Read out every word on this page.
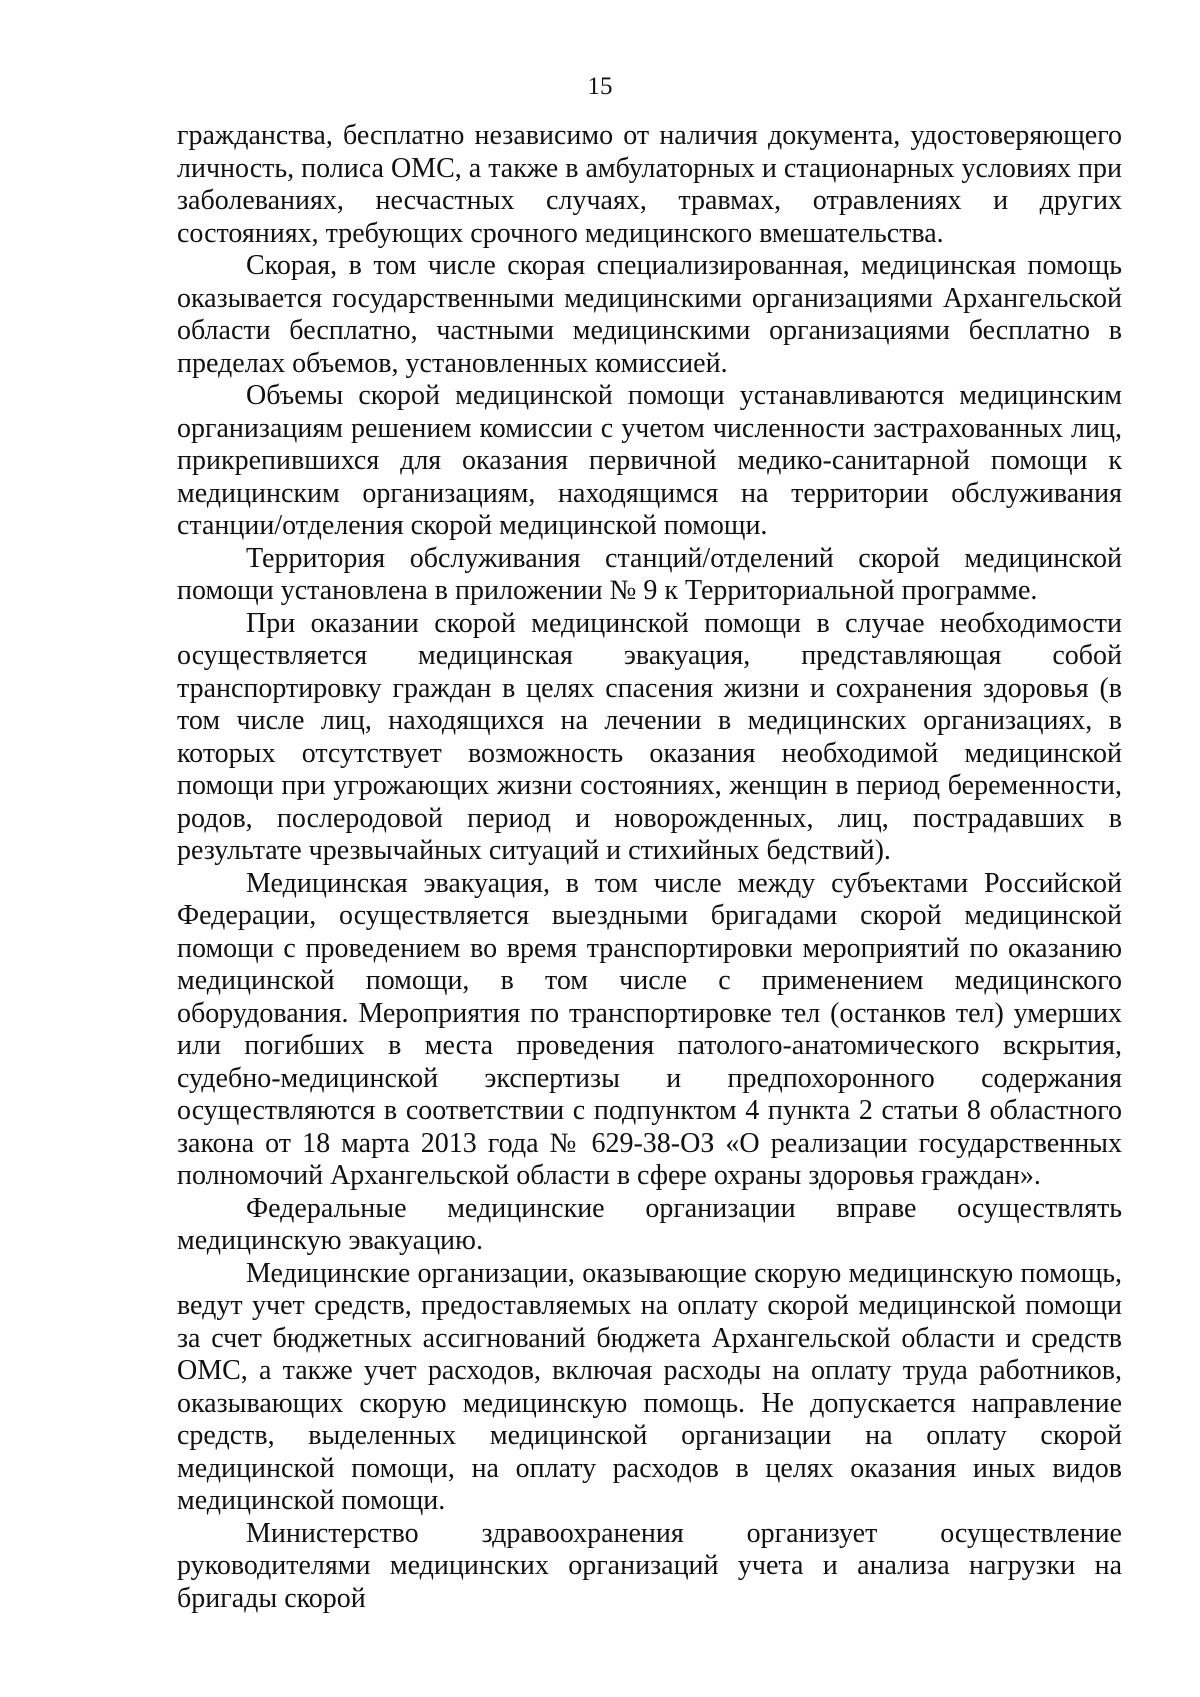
15

гражданства, бесплатно независимо от наличия документа, удостоверяющего личность, полиса ОМС, а также в амбулаторных и стационарных условиях при заболеваниях, несчастных случаях, травмах, отравлениях и других состояниях, требующих срочного медицинского вмешательства.

Скорая, в том числе скорая специализированная, медицинская помощь оказывается государственными медицинскими организациями Архангельской области бесплатно, частными медицинскими организациями бесплатно в пределах объемов, установленных комиссией.

Объемы скорой медицинской помощи устанавливаются медицинским организациям решением комиссии с учетом численности застрахованных лиц, прикрепившихся для оказания первичной медико-санитарной помощи к медицинским организациям, находящимся на территории обслуживания станции/отделения скорой медицинской помощи.

Территория обслуживания станций/отделений скорой медицинской помощи установлена в приложении № 9 к Территориальной программе.

При оказании скорой медицинской помощи в случае необходимости осуществляется медицинская эвакуация, представляющая собой транспортировку граждан в целях спасения жизни и сохранения здоровья (в том числе лиц, находящихся на лечении в медицинских организациях, в которых отсутствует возможность оказания необходимой медицинской помощи при угрожающих жизни состояниях, женщин в период беременности, родов, послеродовой период и новорожденных, лиц, пострадавших в результате чрезвычайных ситуаций и стихийных бедствий).

Медицинская эвакуация, в том числе между субъектами Российской Федерации, осуществляется выездными бригадами скорой медицинской помощи с проведением во время транспортировки мероприятий по оказанию медицинской помощи, в том числе с применением медицинского оборудования. Мероприятия по транспортировке тел (останков тел) умерших или погибших в места проведения патолого-анатомического вскрытия, судебно-медицинской экспертизы и предпохоронного содержания осуществляются в соответствии с подпунктом 4 пункта 2 статьи 8 областного закона от 18 марта 2013 года № 629-38-ОЗ «О реализации государственных полномочий Архангельской области в сфере охраны здоровья граждан».

Федеральные медицинские организации вправе осуществлять медицинскую эвакуацию.

Медицинские организации, оказывающие скорую медицинскую помощь, ведут учет средств, предоставляемых на оплату скорой медицинской помощи за счет бюджетных ассигнований бюджета Архангельской области и средств ОМС, а также учет расходов, включая расходы на оплату труда работников, оказывающих скорую медицинскую помощь. Не допускается направление средств, выделенных медицинской организации на оплату скорой медицинской помощи, на оплату расходов в целях оказания иных видов медицинской помощи.

Министерство здравоохранения организует осуществление руководителями медицинских организаций учета и анализа нагрузки на бригады скорой
